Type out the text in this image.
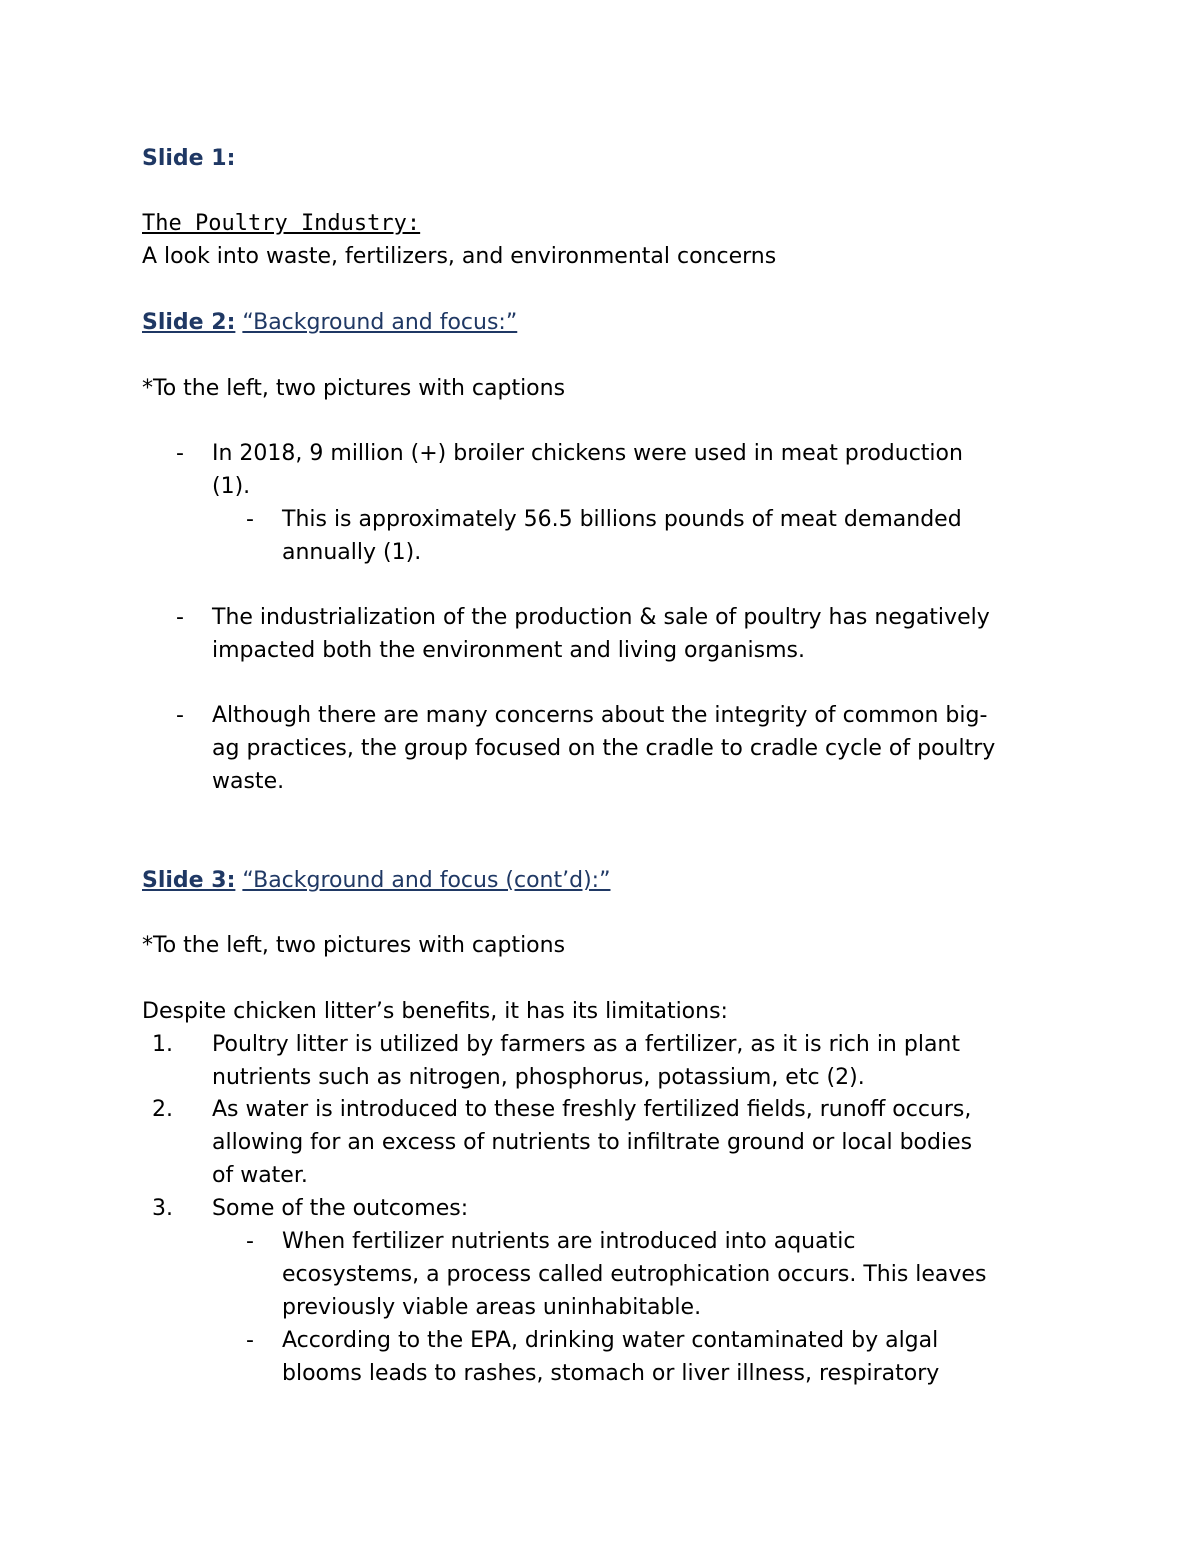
Slide 1:
The Poultry Industry:
A look into waste, fertilizers, and environmental concerns
Slide 2: “Background and focus:”
*To the left, two pictures with captions
- In 2018, 9 million (+) broiler chickens were used in meat production
(1).
- This is approximately 56.5 billions pounds of meat demanded
annually (1).
- The industrialization of the production & sale of poultry has negatively
impacted both the environment and living organisms.
- Although there are many concerns about the integrity of common big-
ag practices, the group focused on the cradle to cradle cycle of poultry
waste.
Slide 3: “Background and focus (cont’d):”
*To the left, two pictures with captions
Despite chicken litter’s benefits, it has its limitations:
1. Poultry litter is utilized by farmers as a fertilizer, as it is rich in plant
nutrients such as nitrogen, phosphorus, potassium, etc (2).
2. As water is introduced to these freshly fertilized fields, runoff occurs,
allowing for an excess of nutrients to infiltrate ground or local bodies
of water.
3. Some of the outcomes:
- When fertilizer nutrients are introduced into aquatic
ecosystems, a process called eutrophication occurs. This leaves
previously viable areas uninhabitable.
- According to the EPA, drinking water contaminated by algal
blooms leads to rashes, stomach or liver illness, respiratory
